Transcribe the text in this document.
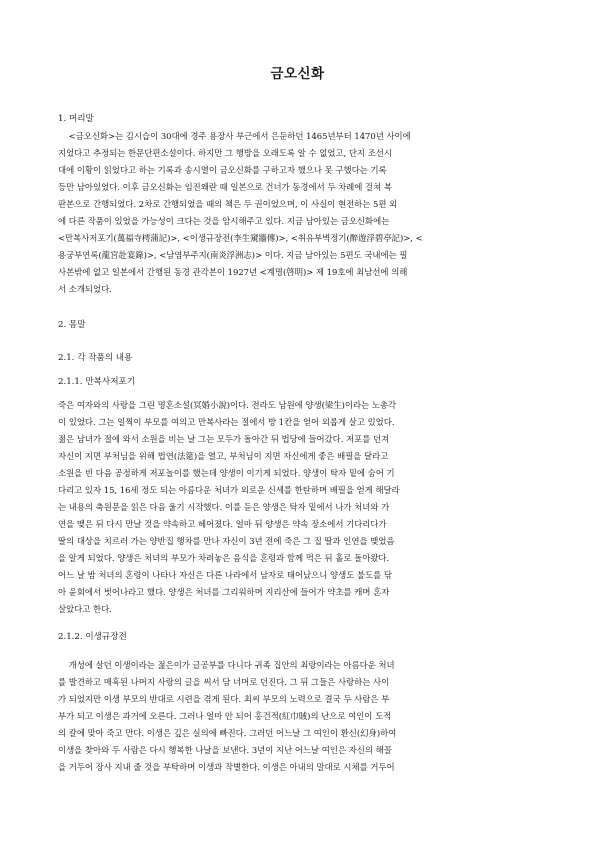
금오신화
1. 머리말
<금오신화>는 김시습이 30대에 경주 용장사 부근에서 은둔하던 1465년부터 1470년 사이에
지었다고 추정되는 한문단편소설이다. 하지만 그 행방을 오래도록 알 수 없었고, 단지 조선시
대에 이황이 읽었다고 하는 기록과 송시열이 금오신화를 구하고자 했으나 못 구했다는 기록
등만 남아있었다. 이후 금오신화는 임진왜란 때 일본으로 건너가 동경에서 두 차례에 걸쳐 복
판본으로 간행되었다. 2차로 간행되었을 때의 책은 두 권이었으며, 이 사실이 현전하는 5편 외
에 다른 작품이 있었을 가능성이 크다는 것을 암시해주고 있다. 지금 남아있는 금오신화에는
<만복사저포기(萬福寺樗蒲記)>, <이생규장전(李生窺牆傳)>, <취유부벽정기(醉遊浮碧亭記)>, <
용궁부연록(龍宮赴宴錄)>, <남염부주지(南炎浮洲志)> 이다. 지금 남아있는 5편도 국내에는 필
사본밖에 없고 일본에서 간행된 동경 관각본이 1927년 <계명(啓明)> 제 19호에 최남선에 의해
서 소개되었다.
2. 몸말
2.1. 각 작품의 내용
2.1.1. 만복사저포기
죽은 여자와의 사랑을 그린 명혼소설(冥婚小說)이다. 전라도 남원에 양생(梁生)이라는 노총각
이 있었다. 그는 일찍이 부모를 여의고 만복사라는 절에서 방 1칸을 얻어 외롭게 살고 있었다.
젊은 남녀가 절에 와서 소원을 비는 날 그는 모두가 돌아간 뒤 법당에 들어갔다. 저포를 던져
자신이 지면 부처님을 위해 법연(法筵)을 열고, 부처님이 지면 자신에게 좋은 배필을 달라고
소원을 빈 다음 공정하게 저포놀이를 했는데 양생이 이기게 되었다. 양생이 탁자 밑에 숨어 기
다리고 있자 15, 16세 정도 되는 아름다운 처녀가 외로운 신세를 한탄하며 배필을 얻게 해달라
는 내용의 축원문을 읽은 다음 울기 시작했다. 이를 듣은 양생은 탁자 밑에서 나가 처녀와 가
연을 맺은 뒤 다시 만날 것을 약속하고 헤어졌다. 얼마 뒤 양생은 약속 장소에서 기다리다가
딸의 대상을 치르러 가는 양반집 행차를 만나 자신이 3년 전에 죽은 그 집 딸과 인연을 맺었음
을 알게 되었다. 양생은 처녀의 부모가 차려놓은 음식을 혼령과 함께 먹은 뒤 홀로 돌아왔다.
어느 날 밤 처녀의 혼령이 나타나 자신은 다른 나라에서 남자로 태어났으니 양생도 불도를 닦
아 윤회에서 벗어나라고 했다. 양생은 처녀를 그리워하며 지리산에 들어가 약초를 캐며 혼자
살았다고 한다.
2.1.2. 이생규장전
개성에 살던 이생이라는 젊은이가 글공부를 다니다 귀족 집안의 최랑이라는 아름다운 처녀
를 발견하고 매혹된 나머지 사랑의 글을 써서 담 너머로 던진다. 그 뒤 그들은 사랑하는 사이
가 되었지만 이생 부모의 반대로 시련을 겪게 된다. 최씨 부모의 노력으로 결국 두 사람은 부
부가 되고 이생은 과거에 오른다. 그러나 얼마 안 되어 홍건적(紅巾賊)의 난으로 여인이 도적
의 칼에 맞아 죽고 만다. 이생은 깊은 실의에 빠진다. 그러던 어느날 그 여인이 환신(幻身)하여
이생을 찾아와 두 사람은 다시 행복한 나날을 보낸다. 3년이 지난 어느날 여인은 자신의 해꼴
을 거두어 장사 지내 줄 것을 부탁하며 이생과 작별한다. 이생은 아내의 말대로 시체를 거두어
